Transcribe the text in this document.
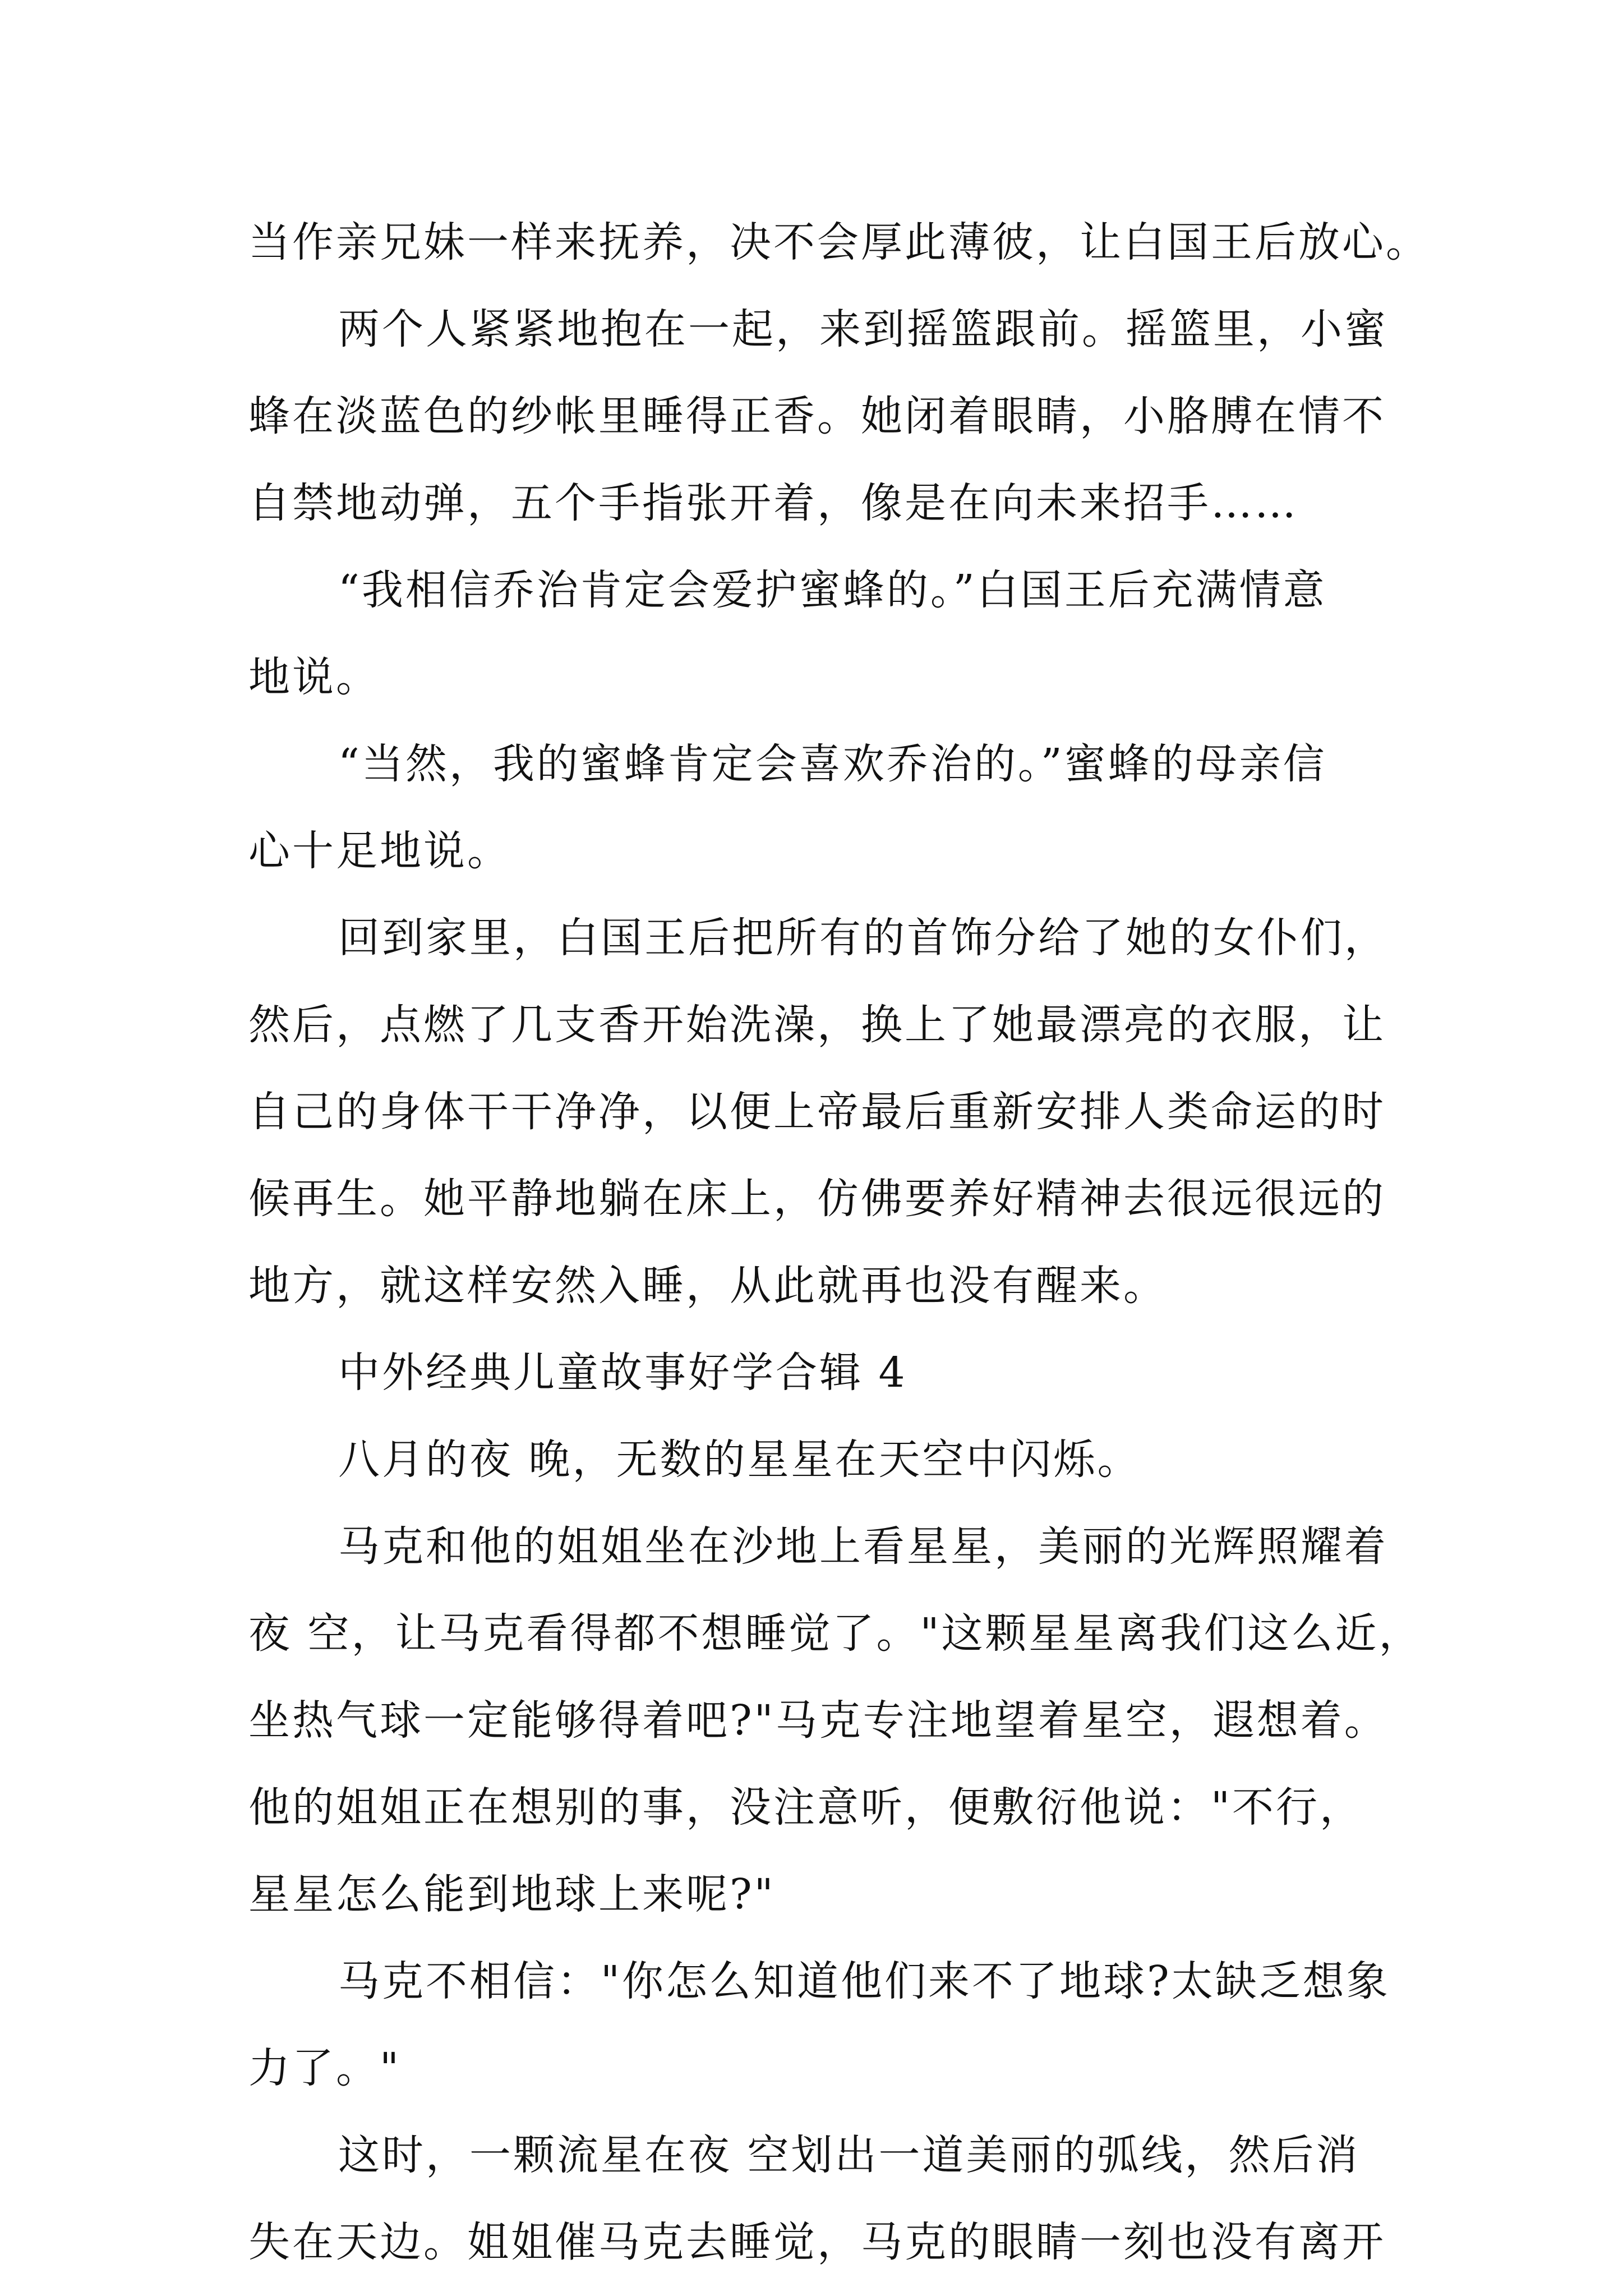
当作亲兄妹一样来抚养，决不会厚此薄彼，让白国王后放心。
两个人紧紧地抱在一起，来到摇篮跟前。摇篮里，小蜜
蜂在淡蓝色的纱帐里睡得正香。她闭着眼睛，小胳膊在情不
自禁地动弹，五个手指张开着，像是在向未来招手……
“我相信乔治肯定会爱护蜜蜂的。”白国王后充满情意
地说。
“当然，我的蜜蜂肯定会喜欢乔治的。”蜜蜂的母亲信
心十足地说。
回到家里，白国王后把所有的首饰分给了她的女仆们，
然后，点燃了几支香开始洗澡，换上了她最漂亮的衣服，让
自己的身体干干净净，以便上帝最后重新安排人类命运的时
候再生。她平静地躺在床上，仿佛要养好精神去很远很远的
地方，就这样安然入睡，从此就再也没有醒来。
中外经典儿童故事好学合辑 4
八月的夜 晚，无数的星星在天空中闪烁。
马克和他的姐姐坐在沙地上看星星，美丽的光辉照耀着
夜 空，让马克看得都不想睡觉了。"这颗星星离我们这么近，
坐热气球一定能够得着吧?"马克专注地望着星空，遐想着。
他的姐姐正在想别的事，没注意听，便敷衍他说："不行，
星星怎么能到地球上来呢?"
马克不相信："你怎么知道他们来不了地球?太缺乏想象
力了。"
这时，一颗流星在夜 空划出一道美丽的弧线，然后消
失在天边。姐姐催马克去睡觉，马克的眼睛一刻也没有离开
